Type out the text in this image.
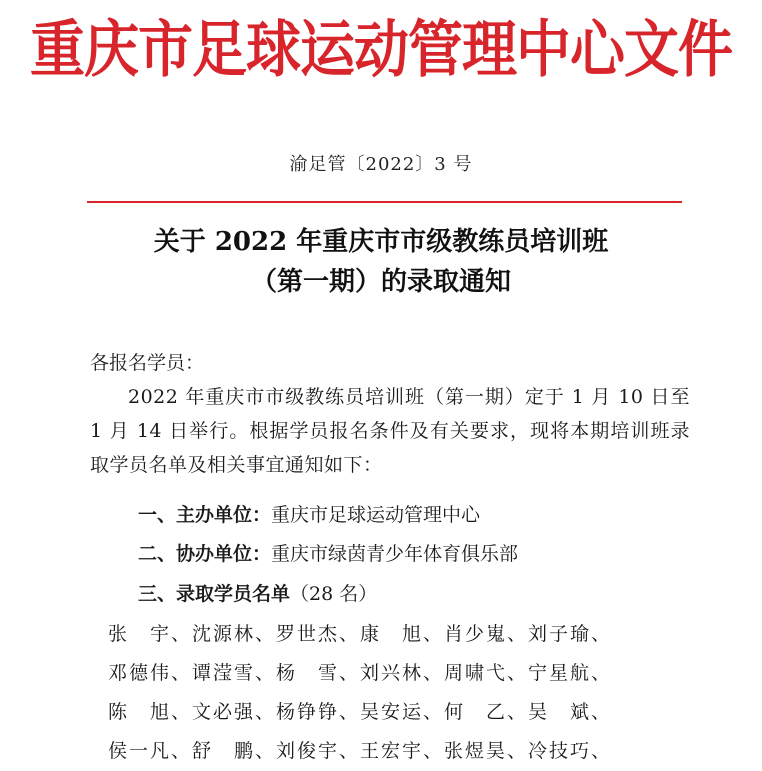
重庆市足球运动管理中心文件
渝足管〔2022〕3 号
关于 2022 年重庆市市级教练员培训班
（第一期）的录取通知
各报名学员：
2022 年重庆市市级教练员培训班（第一期）定于 1 月 10 日至 1 月 14 日举行。根据学员报名条件及有关要求，现将本期培训班录取学员名单及相关事宜通知如下：
一、主办单位：重庆市足球运动管理中心
二、协办单位：重庆市绿茵青少年体育俱乐部
三、录取学员名单（28 名）
张　宇、沈源林、罗世杰、康　旭、肖少嵬、刘子瑜、
邓德伟、谭滢雪、杨　雪、刘兴林、周啸弋、宁星航、
陈　旭、文必强、杨铮铮、吴安运、何　乙、吴　斌、
侯一凡、舒　鹏、刘俊宇、王宏宇、张煜昊、冷技巧、
